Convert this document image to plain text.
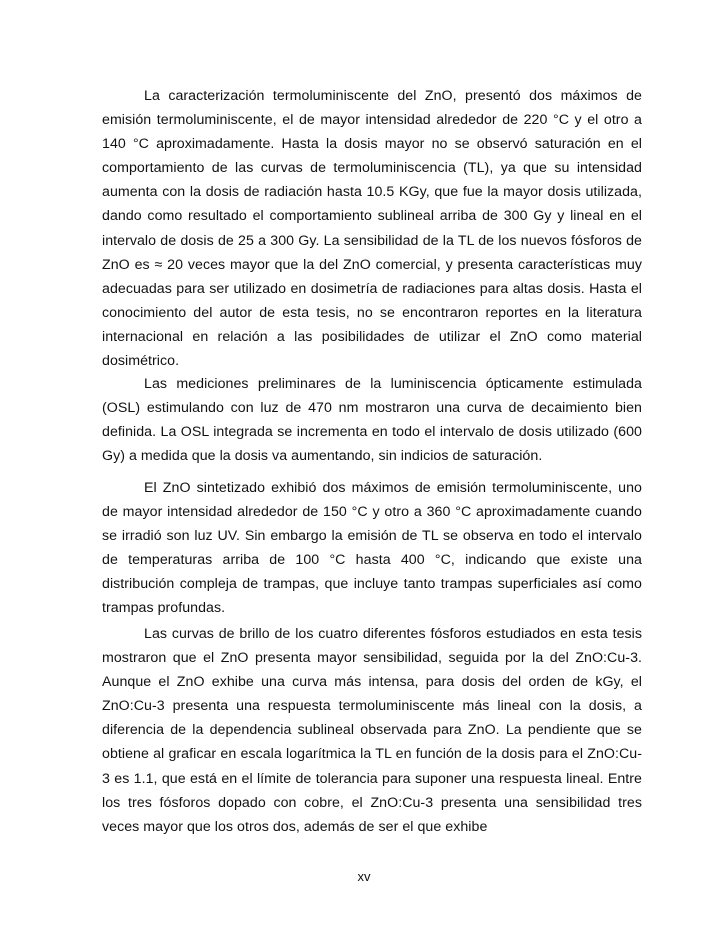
La caracterización termoluminiscente del ZnO, presentó dos máximos de emisión termoluminiscente, el de mayor intensidad alrededor de 220 °C y el otro a 140 °C aproximadamente. Hasta la dosis mayor no se observó saturación en el comportamiento de las curvas de termoluminiscencia (TL), ya que su intensidad aumenta con la dosis de radiación hasta 10.5 KGy, que fue la mayor dosis utilizada, dando como resultado el comportamiento sublineal arriba de 300 Gy y lineal en el intervalo de dosis de 25 a 300 Gy. La sensibilidad de la TL de los nuevos fósforos de ZnO es ≈ 20 veces mayor que la del ZnO comercial, y presenta características muy adecuadas para ser utilizado en dosimetría de radiaciones para altas dosis. Hasta el conocimiento del autor de esta tesis, no se encontraron reportes en la literatura internacional en relación a las posibilidades de utilizar el ZnO como material dosimétrico.

Las mediciones preliminares de la luminiscencia ópticamente estimulada (OSL) estimulando con luz de 470 nm mostraron una curva de decaimiento bien definida. La OSL integrada se incrementa en todo el intervalo de dosis utilizado (600 Gy) a medida que la dosis va aumentando, sin indicios de saturación.

El ZnO sintetizado exhibió dos máximos de emisión termoluminiscente, uno de mayor intensidad alrededor de 150 °C y otro a 360 °C aproximadamente cuando se irradió son luz UV. Sin embargo la emisión de TL se observa en todo el intervalo de temperaturas arriba de 100 °C hasta 400 °C, indicando que existe una distribución compleja de trampas, que incluye tanto trampas superficiales así como trampas profundas.

Las curvas de brillo de los cuatro diferentes fósforos estudiados en esta tesis mostraron que el ZnO presenta mayor sensibilidad, seguida por la del ZnO:Cu-3. Aunque el ZnO exhibe una curva más intensa, para dosis del orden de kGy, el ZnO:Cu-3 presenta una respuesta termoluminiscente más lineal con la dosis, a diferencia de la dependencia sublineal observada para ZnO. La pendiente que se obtiene al graficar en escala logarítmica la TL en función de la dosis para el ZnO:Cu-3 es 1.1, que está en el límite de tolerancia para suponer una respuesta lineal. Entre los tres fósforos dopado con cobre, el ZnO:Cu-3 presenta una sensibilidad tres veces mayor que los otros dos, además de ser el que exhibe

xv
